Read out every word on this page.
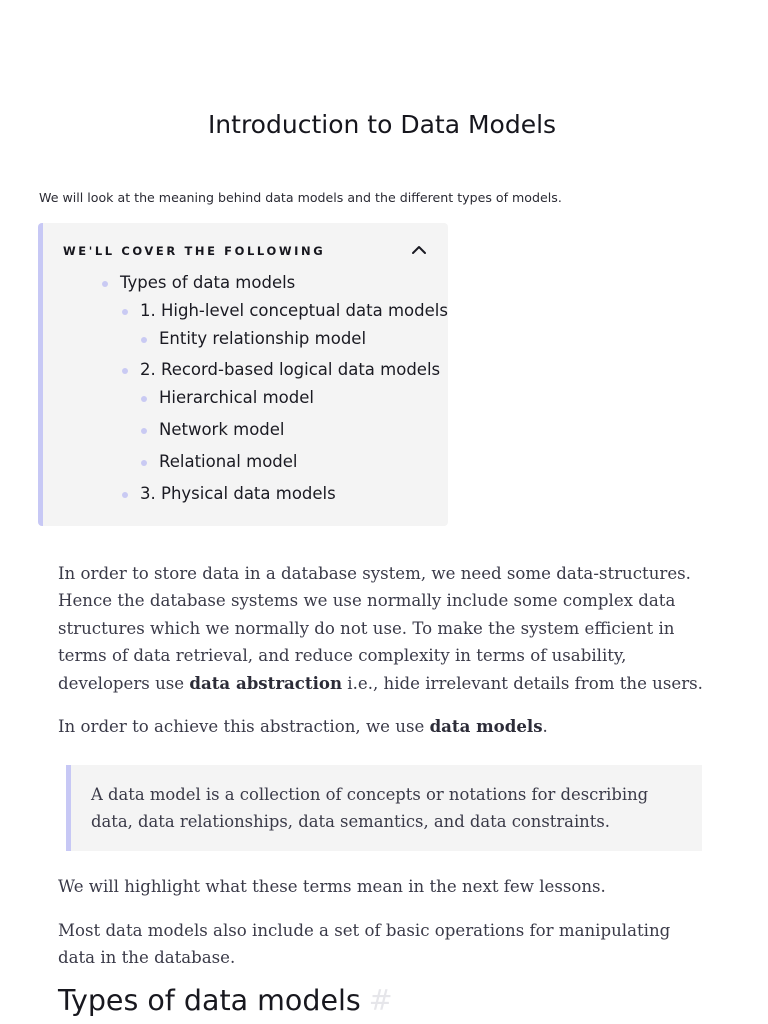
Introduction to Data Models

We will look at the meaning behind data models and the different types of models.

WE'LL COVER THE FOLLOWING
Types of data models
1. High-level conceptual data models
Entity relationship model
2. Record-based logical data models
Hierarchical model
Network model
Relational model
3. Physical data models

In order to store data in a database system, we need some data-structures. Hence the database systems we use normally include some complex data structures which we normally do not use. To make the system efficient in terms of data retrieval, and reduce complexity in terms of usability, developers use data abstraction i.e., hide irrelevant details from the users.

In order to achieve this abstraction, we use data models.

A data model is a collection of concepts or notations for describing data, data relationships, data semantics, and data constraints.

We will highlight what these terms mean in the next few lessons.

Most data models also include a set of basic operations for manipulating data in the database.

Types of data models #
